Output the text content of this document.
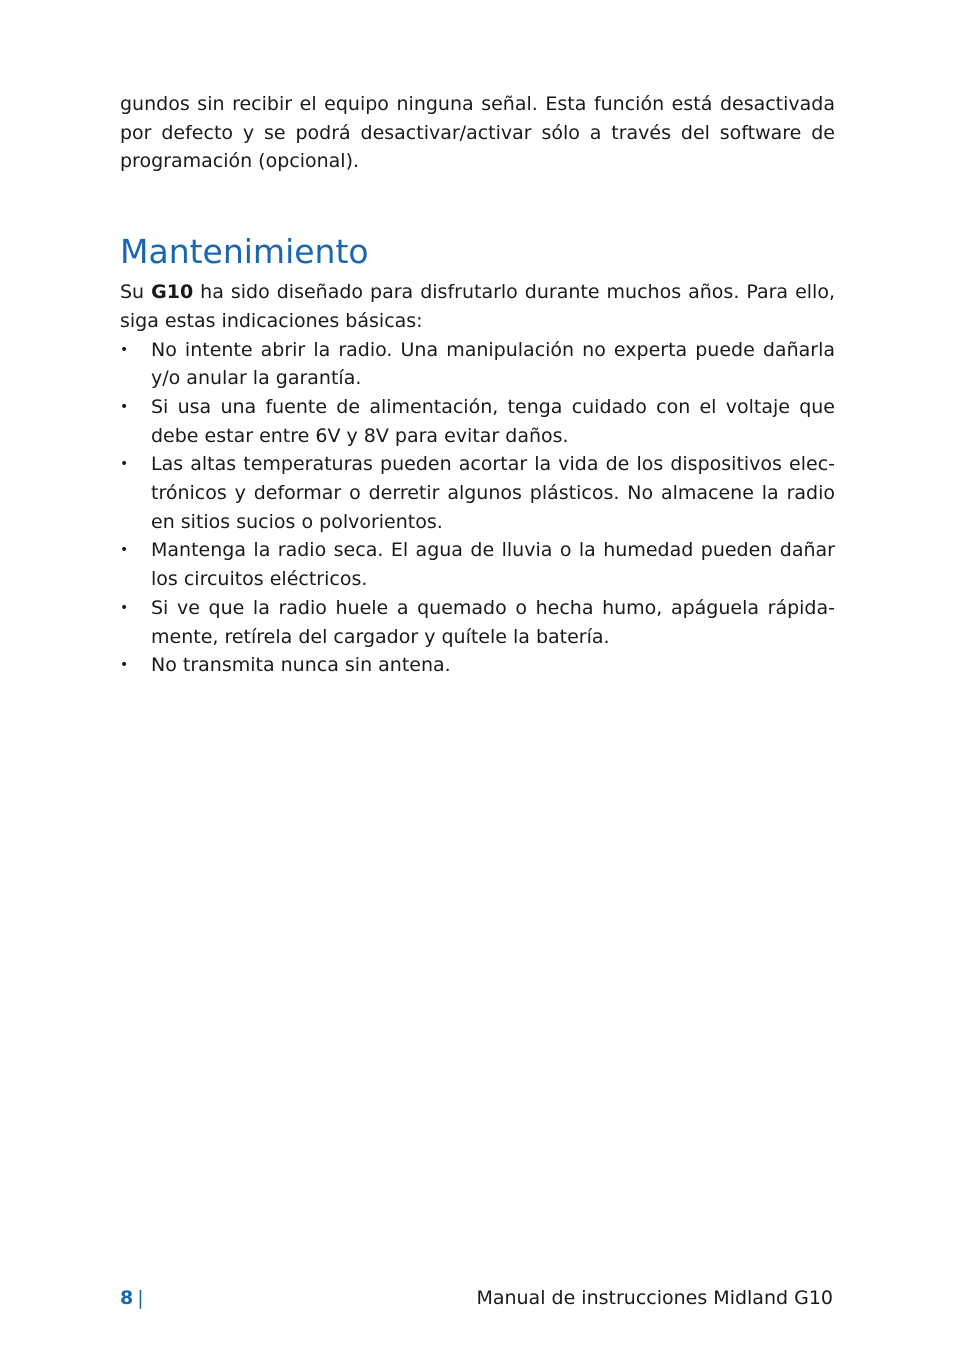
gundos sin recibir el equipo ninguna señal. Esta función está desactivada por defecto y se podrá desactivar/activar sólo a través del software de programación (opcional).

Mantenimiento

Su G10 ha sido diseñado para disfrutarlo durante muchos años. Para ello, siga estas indicaciones básicas:

• No intente abrir la radio. Una manipulación no experta puede dañarla y/o anular la garantía.
• Si usa una fuente de alimentación, tenga cuidado con el voltaje que debe estar entre 6V y 8V para evitar daños.
• Las altas temperaturas pueden acortar la vida de los dispositivos elec-trónicos y deformar o derretir algunos plásticos. No almacene la radio en sitios sucios o polvorientos.
• Mantenga la radio seca. El agua de lluvia o la humedad pueden dañar los circuitos eléctricos.
• Si ve que la radio huele a quemado o hecha humo, apáguela rápida-mente, retírela del cargador y quítele la batería.
• No transmita nunca sin antena.
8 |	Manual de instrucciones Midland G10
